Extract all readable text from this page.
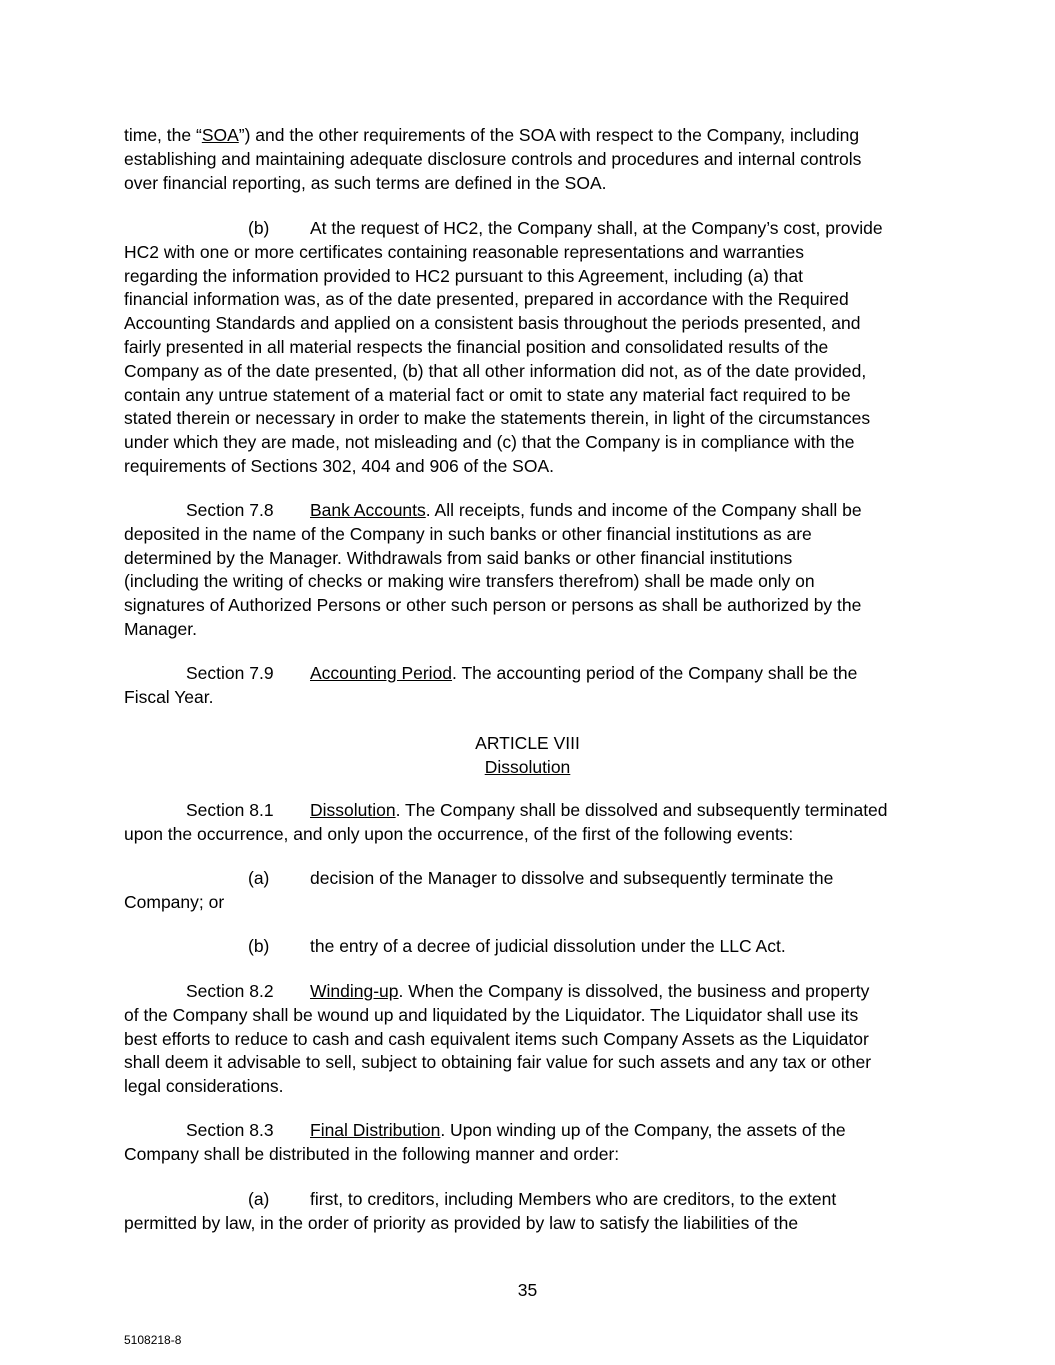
time, the “SOA”) and the other requirements of the SOA with respect to the Company, including
establishing and maintaining adequate disclosure controls and procedures and internal controls
over financial reporting, as such terms are defined in the SOA.
(b) At the request of HC2, the Company shall, at the Company’s cost, provide
HC2 with one or more certificates containing reasonable representations and warranties
regarding the information provided to HC2 pursuant to this Agreement, including (a) that
financial information was, as of the date presented, prepared in accordance with the Required
Accounting Standards and applied on a consistent basis throughout the periods presented, and
fairly presented in all material respects the financial position and consolidated results of the
Company as of the date presented, (b) that all other information did not, as of the date provided,
contain any untrue statement of a material fact or omit to state any material fact required to be
stated therein or necessary in order to make the statements therein, in light of the circumstances
under which they are made, not misleading and (c) that the Company is in compliance with the
requirements of Sections 302, 404 and 906 of the SOA.
Section 7.8 Bank Accounts. All receipts, funds and income of the Company shall be
deposited in the name of the Company in such banks or other financial institutions as are
determined by the Manager. Withdrawals from said banks or other financial institutions
(including the writing of checks or making wire transfers therefrom) shall be made only on
signatures of Authorized Persons or other such person or persons as shall be authorized by the
Manager.
Section 7.9 Accounting Period. The accounting period of the Company shall be the
Fiscal Year.
ARTICLE VIII
Dissolution
Section 8.1 Dissolution. The Company shall be dissolved and subsequently terminated
upon the occurrence, and only upon the occurrence, of the first of the following events:
(a) decision of the Manager to dissolve and subsequently terminate the
Company; or
(b) the entry of a decree of judicial dissolution under the LLC Act.
Section 8.2 Winding-up. When the Company is dissolved, the business and property
of the Company shall be wound up and liquidated by the Liquidator. The Liquidator shall use its
best efforts to reduce to cash and cash equivalent items such Company Assets as the Liquidator
shall deem it advisable to sell, subject to obtaining fair value for such assets and any tax or other
legal considerations.
Section 8.3 Final Distribution. Upon winding up of the Company, the assets of the
Company shall be distributed in the following manner and order:
(a) first, to creditors, including Members who are creditors, to the extent
permitted by law, in the order of priority as provided by law to satisfy the liabilities of the
35
5108218-8
